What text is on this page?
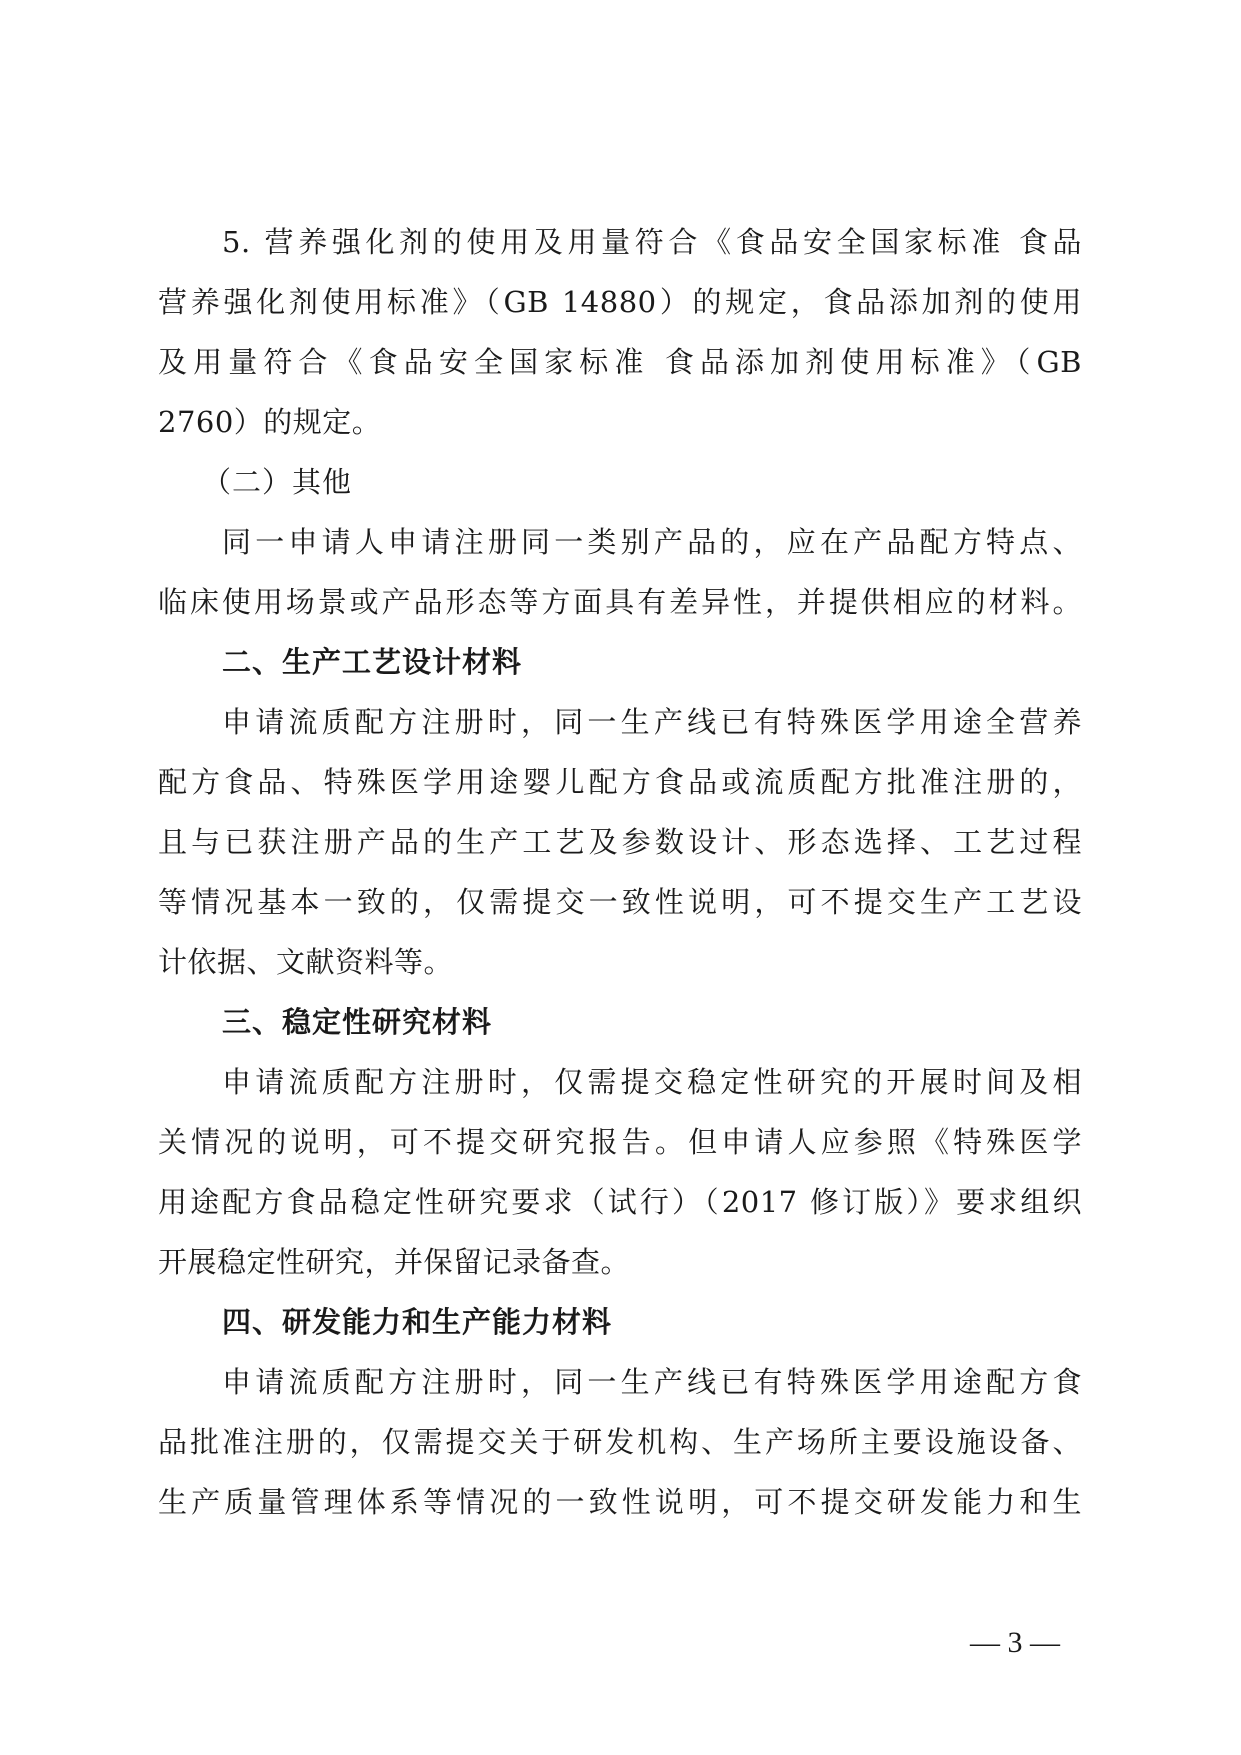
5. 营养强化剂的使用及用量符合《食品安全国家标准 食品
营养强化剂使用标准》（GB 14880）的规定，食品添加剂的使用
及用量符合《食品安全国家标准 食品添加剂使用标准》（GB
2760）的规定。
（二）其他
同一申请人申请注册同一类别产品的，应在产品配方特点、
临床使用场景或产品形态等方面具有差异性，并提供相应的材料。
二、生产工艺设计材料
申请流质配方注册时，同一生产线已有特殊医学用途全营养
配方食品、特殊医学用途婴儿配方食品或流质配方批准注册的，
且与已获注册产品的生产工艺及参数设计、形态选择、工艺过程
等情况基本一致的，仅需提交一致性说明，可不提交生产工艺设
计依据、文献资料等。
三、稳定性研究材料
申请流质配方注册时，仅需提交稳定性研究的开展时间及相
关情况的说明，可不提交研究报告。但申请人应参照《特殊医学
用途配方食品稳定性研究要求（试行）（2017 修订版）》要求组织
开展稳定性研究，并保留记录备查。
四、研发能力和生产能力材料
申请流质配方注册时，同一生产线已有特殊医学用途配方食
品批准注册的，仅需提交关于研发机构、生产场所主要设施设备、
生产质量管理体系等情况的一致性说明，可不提交研发能力和生
— 3 —
